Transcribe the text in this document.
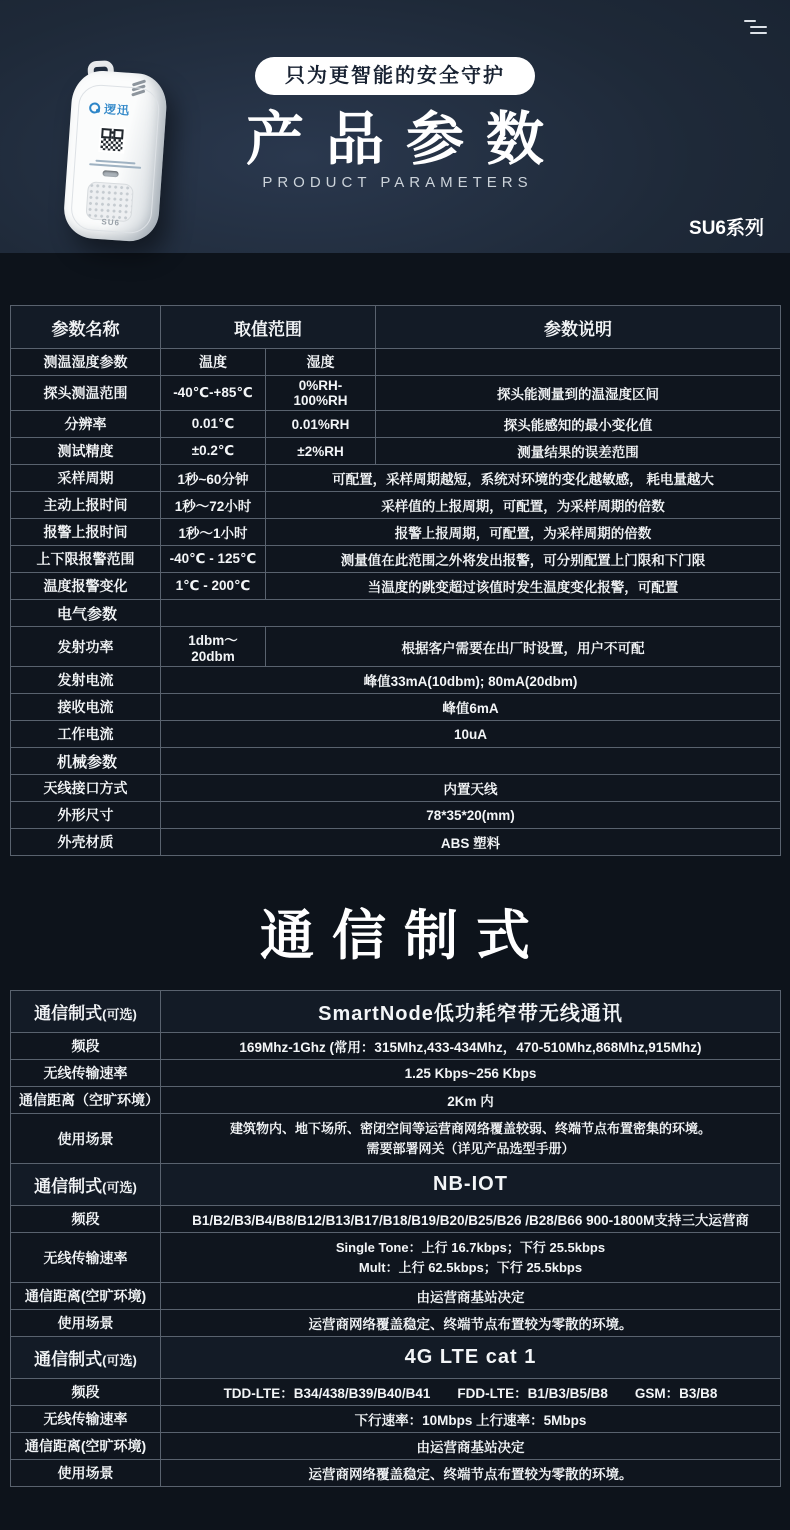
逻迅
SU6
只为更智能的安全守护
产品参数
PRODUCT PARAMETERS
SU6系列
参数名称	取值范围		参数说明
测温湿度参数	温度	湿度	
探头测温范围	-40℃-+85℃	0%RH-100%RH	探头能测量到的温湿度区间
分辨率	0.01℃	0.01%RH	探头能感知的最小变化值
测试精度	±0.2℃	±2%RH	测量结果的误差范围
采样周期	1秒~60分钟	可配置，采样周期越短，系统对环境的变化越敏感， 耗电量越大	
主动上报时间	1秒～72小时	采样值的上报周期，可配置，为采样周期的倍数	
报警上报时间	1秒～1小时	报警上报周期，可配置，为采样周期的倍数	
上下限报警范围	-40℃ - 125℃	测量值在此范围之外将发出报警，可分别配置上门限和下门限	
温度报警变化	1℃ - 200℃	当温度的跳变超过该值时发生温度变化报警，可配置	
电气参数			
发射功率	1dbm～20dbm	根据客户需要在出厂时设置，用户不可配	
发射电流	峰值33mA(10dbm); 80mA(20dbm)		
接收电流	峰值6mA		
工作电流	10uA		
机械参数			
天线接口方式	内置天线		
外形尺寸	78*35*20(mm)		
外壳材质	ABS 塑料		
通信制式
通信制式(可选)	SmartNode低功耗窄带无线通讯
频段	169Mhz-1Ghz (常用：315Mhz,433-434Mhz，470-510Mhz,868Mhz,915Mhz)
无线传输速率	1.25 Kbps~256 Kbps
通信距离（空旷环境）	2Km 内
使用场景	建筑物内、地下场所、密闭空间等运营商网络覆盖较弱、终端节点布置密集的环境。
需要部署网关（详见产品选型手册）

通信制式(可选)	NB-IOT
频段	B1/B2/B3/B4/B8/B12/B13/B17/B18/B19/B20/B25/B26 /B28/B66 900-1800M支持三大运营商
无线传输速率	Single Tone：上行 16.7kbps；下行 25.5kbps
Mult：上行 62.5kbps；下行 25.5kbps

通信距离(空旷环境)	由运营商基站决定
使用场景	运营商网络覆盖稳定、终端节点布置较为零散的环境。
通信制式(可选)	4G LTE cat 1
频段	TDD-LTE：B34/438/B39/B40/B41　　FDD-LTE：B1/B3/B5/B8　　GSM：B3/B8
无线传输速率	下行速率：10Mbps 上行速率：5Mbps
通信距离(空旷环境)	由运营商基站决定
使用场景	运营商网络覆盖稳定、终端节点布置较为零散的环境。
